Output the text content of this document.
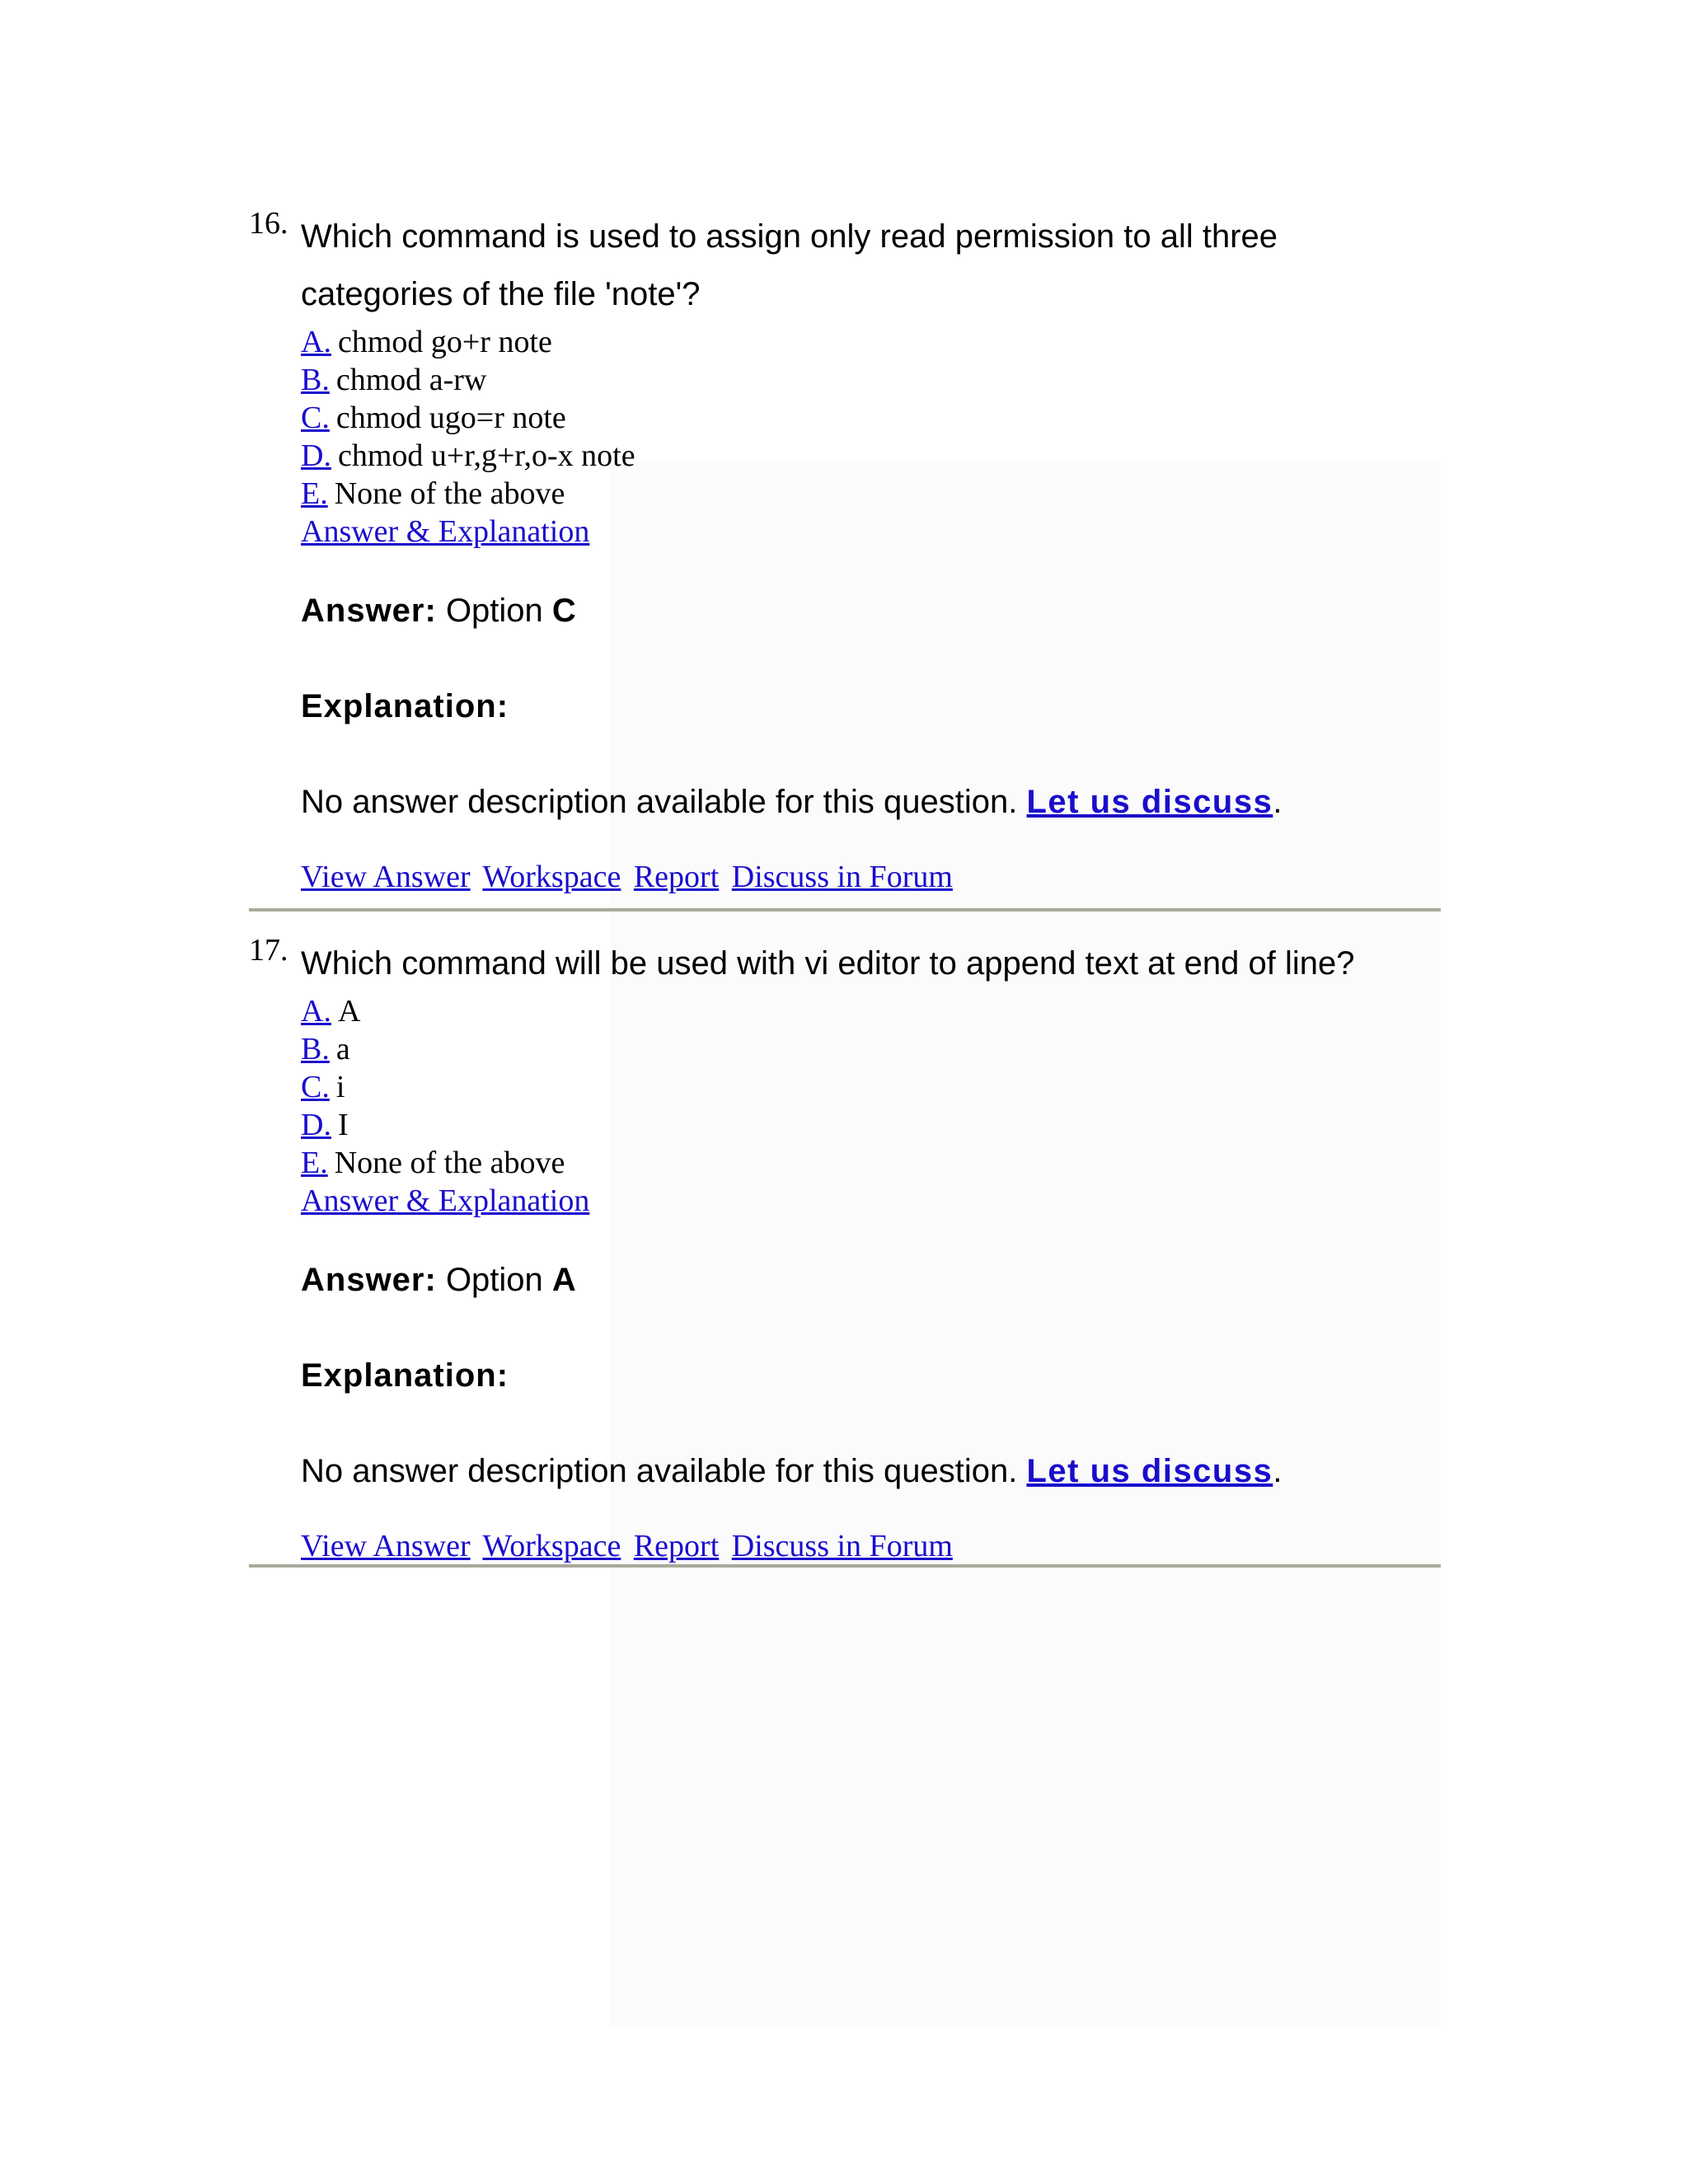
16. Which command is used to assign only read permission to all three
categories of the file 'note'?
A. chmod go+r note
B. chmod a-rw
C. chmod ugo=r note
D. chmod u+r,g+r,o-x note
E. None of the above
Answer & Explanation
Answer: Option C
Explanation:
No answer description available for this question. Let us discuss.
View Answer Workspace Report Discuss in Forum
17. Which command will be used with vi editor to append text at end of line?
A. A
B. a
C. i
D. I
E. None of the above
Answer & Explanation
Answer: Option A
Explanation:
No answer description available for this question. Let us discuss.
View Answer Workspace Report Discuss in Forum
